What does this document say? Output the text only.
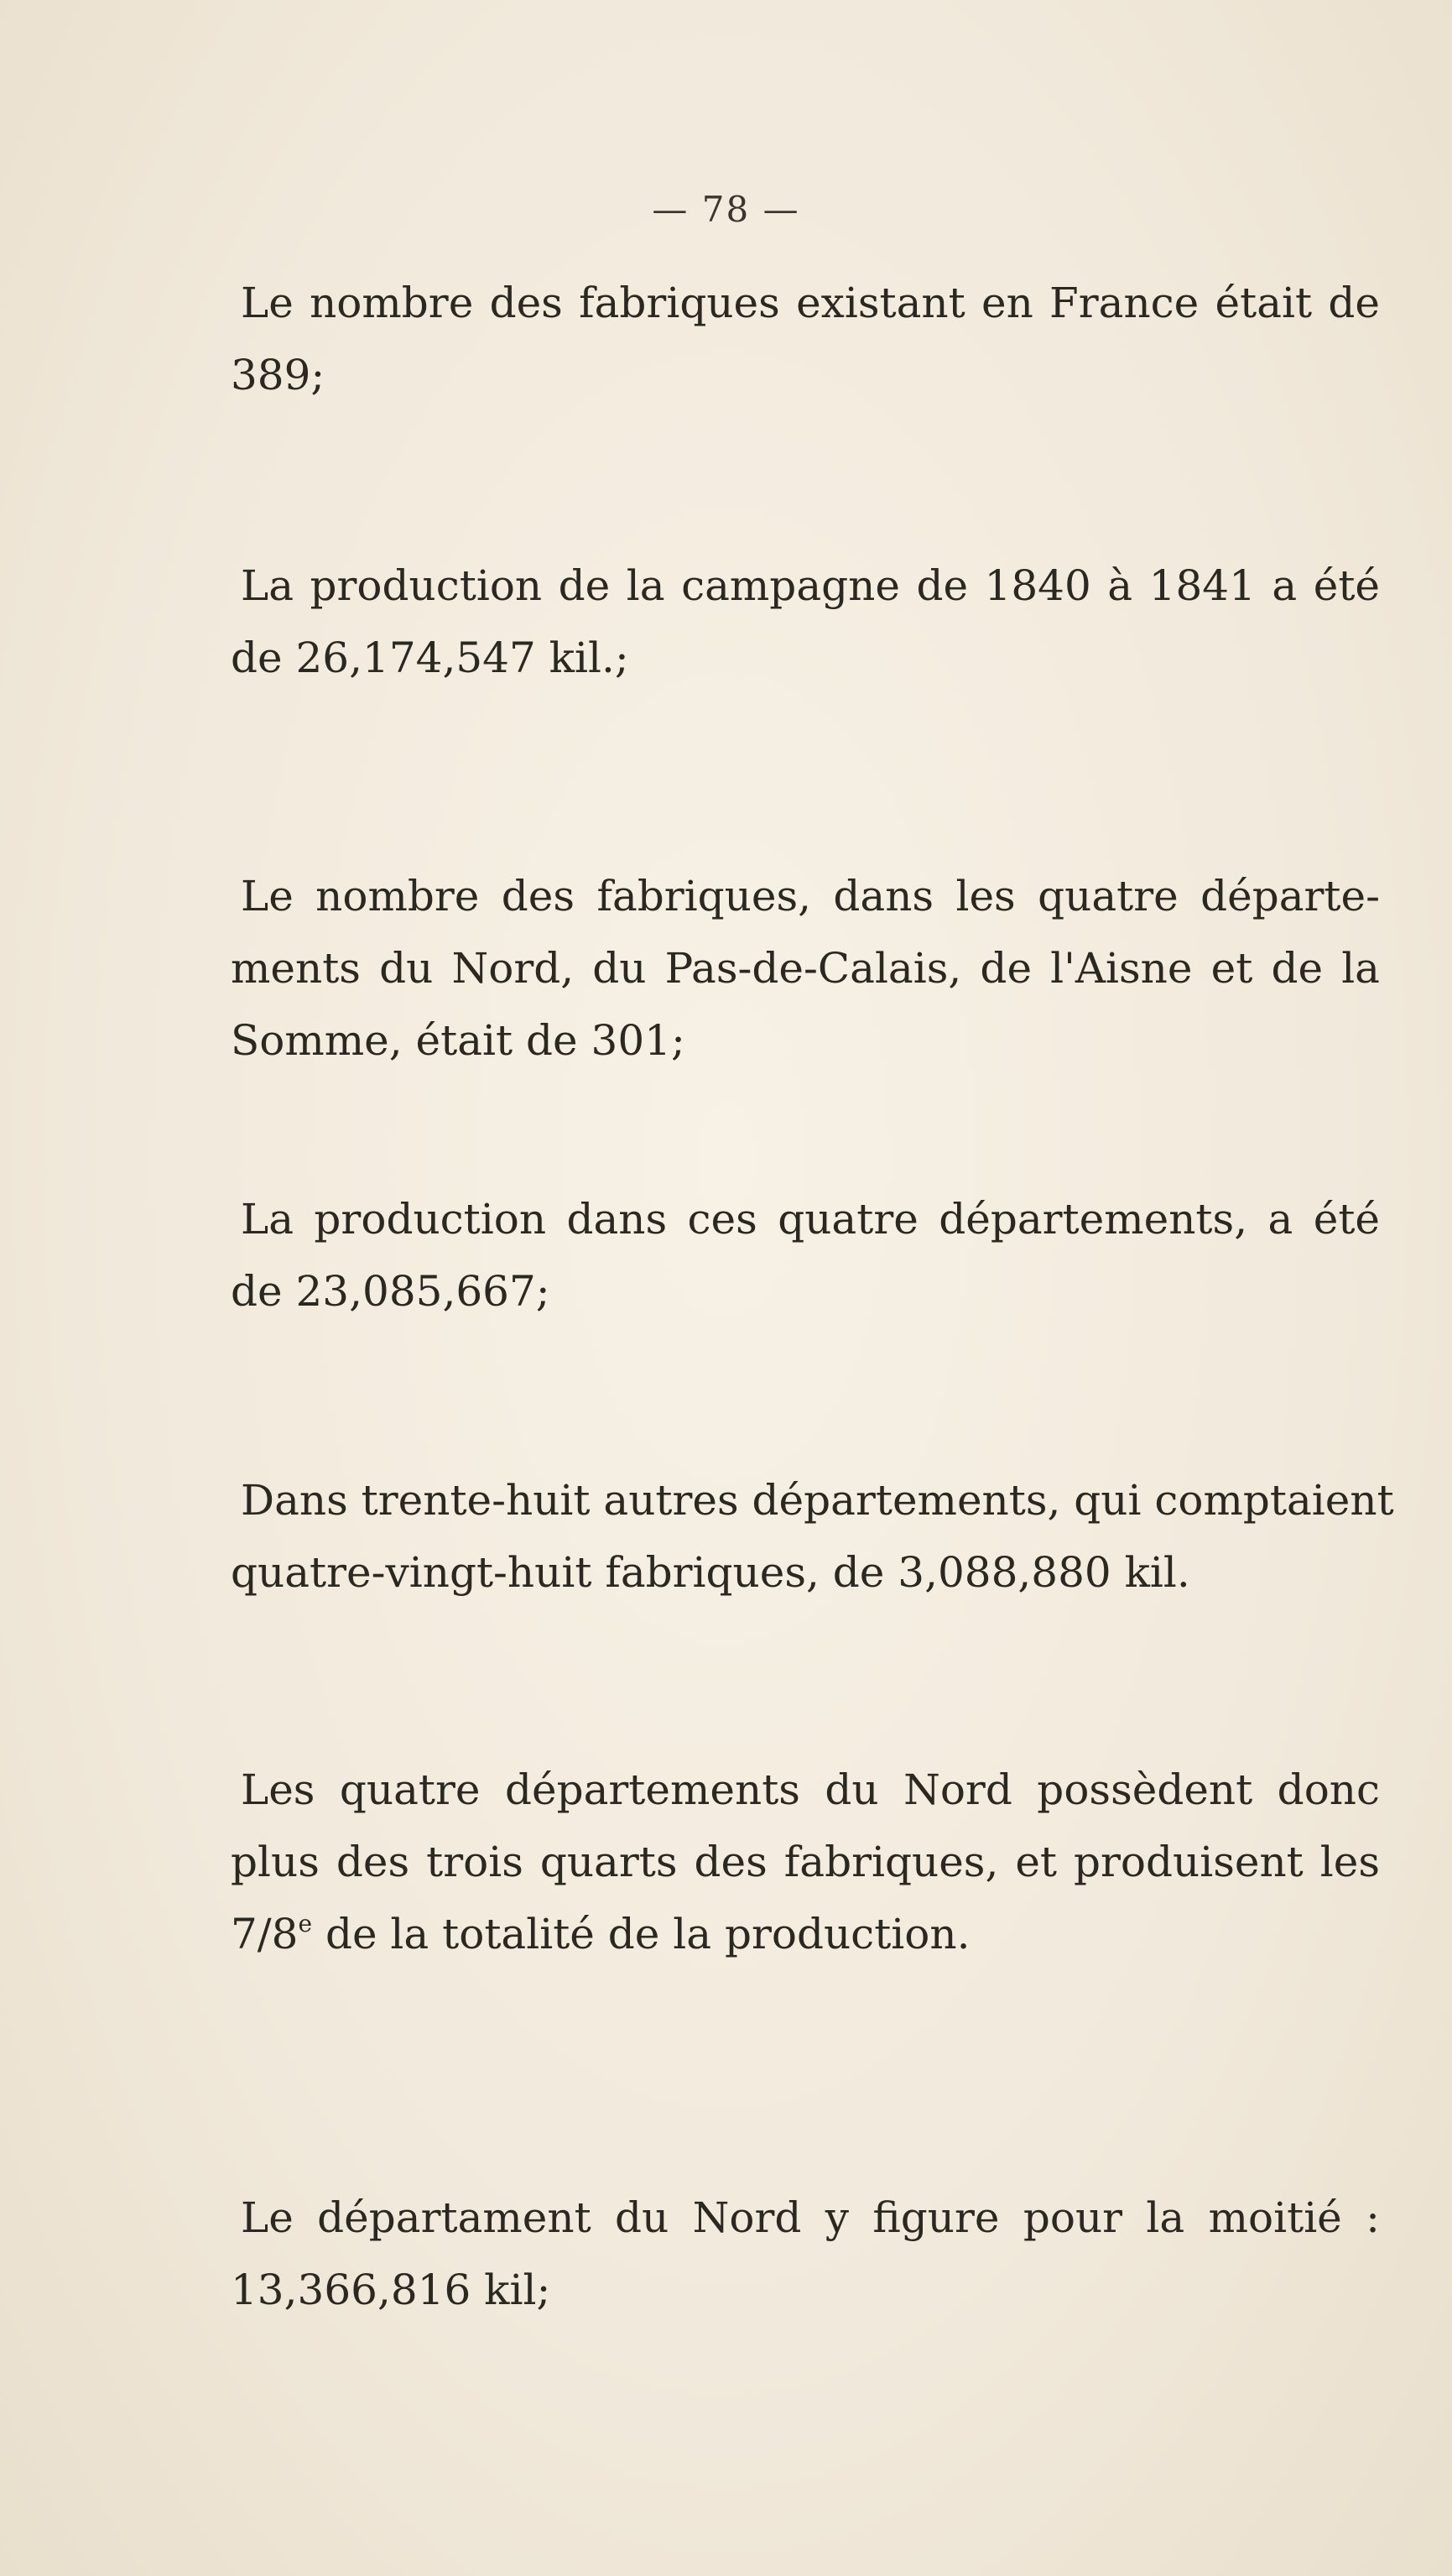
— 78 —
Le nombre des fabriques existant en France était de
389;
La production de la campagne de 1840 à 1841 a été
de 26,174,547 kil.;
Le nombre des fabriques, dans les quatre départe-
ments du Nord, du Pas-de-Calais, de l'Aisne et de la
Somme, était de 301;
La production dans ces quatre départements, a été
de 23,085,667;
Dans trente-huit autres départements, qui comptaient
quatre-vingt-huit fabriques, de 3,088,880 kil.
Les quatre départements du Nord possèdent donc
plus des trois quarts des fabriques, et produisent les
7/8e de la totalité de la production.
Le départament du Nord y figure pour la moitié :
13,366,816 kil;
